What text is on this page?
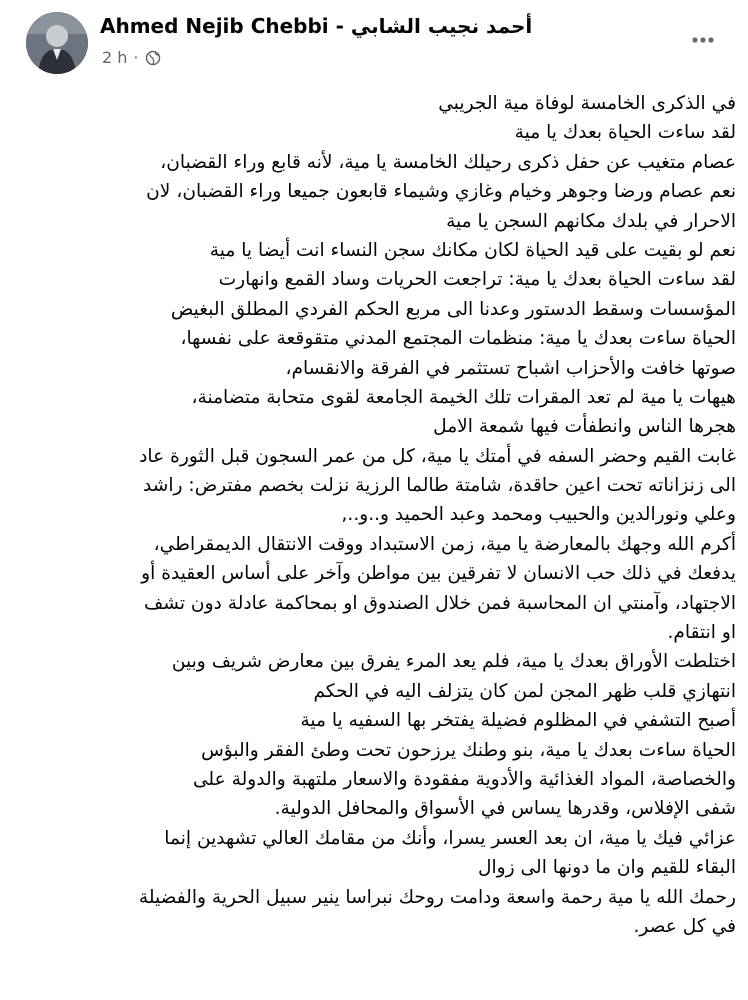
Ahmed Nejib Chebbi - أحمد نجيب الشابي
2 h ·
في الذكرى الخامسة لوفاة مية الجريبي
لقد ساءت الحياة بعدك يا مية
عصام متغيب عن حفل ذكرى رحيلك الخامسة يا مية، لأنه قابع وراء القضبان،
نعم عصام ورضا وجوهر وخيام وغازي وشيماء قابعون جميعا وراء القضبان، لان
الاحرار في بلدك مكانهم السجن يا مية
نعم لو بقيت على قيد الحياة لكان مكانك سجن النساء انت أيضا يا مية
لقد ساءت الحياة بعدك يا مية: تراجعت الحريات وساد القمع وانهارت
المؤسسات وسقط الدستور وعدنا الى مربع الحكم الفردي المطلق البغيض
الحياة ساءت بعدك يا مية: منظمات المجتمع المدني متقوقعة على نفسها،
صوتها خافت والأحزاب اشباح تستثمر في الفرقة والانقسام،
هيهات يا مية لم تعد المقرات تلك الخيمة الجامعة لقوى متحابة متضامنة،
هجرها الناس وانطفأت فيها شمعة الامل
غابت القيم وحضر السفه في أمتك يا مية، كل من عمر السجون قبل الثورة عاد
الى زنزاناته تحت اعين حاقدة، شامتة طالما الرزية نزلت بخصم مفترض: راشد
وعلي ونورالدين والحبيب ومحمد وعبد الحميد و..و..,
أكرم الله وجهك بالمعارضة يا مية، زمن الاستبداد ووقت الانتقال الديمقراطي،
يدفعك في ذلك حب الانسان لا تفرقين بين مواطن وآخر على أساس العقيدة أو
الاجتهاد، وآمنتي ان المحاسبة فمن خلال الصندوق او بمحاكمة عادلة دون تشف
او انتقام.
اختلطت الأوراق بعدك يا مية، فلم يعد المرء يفرق بين معارض شريف وبين
انتهازي قلب ظهر المجن لمن كان يتزلف اليه في الحكم
أصبح التشفي في المظلوم فضيلة يفتخر بها السفيه يا مية
الحياة ساءت بعدك يا مية، بنو وطنك يرزحون تحت وطئ الفقر والبؤس
والخصاصة، المواد الغذائية والأدوية مفقودة والاسعار ملتهبة والدولة على
شفى الإفلاس، وقدرها يساس في الأسواق والمحافل الدولية.
عزائي فيك يا مية، ان بعد العسر يسرا، وأنك من مقامك العالي تشهدين إنما
البقاء للقيم وان ما دونها الى زوال
رحمك الله يا مية رحمة واسعة ودامت روحك نبراسا ينير سبيل الحرية والفضيلة
في كل عصر.
